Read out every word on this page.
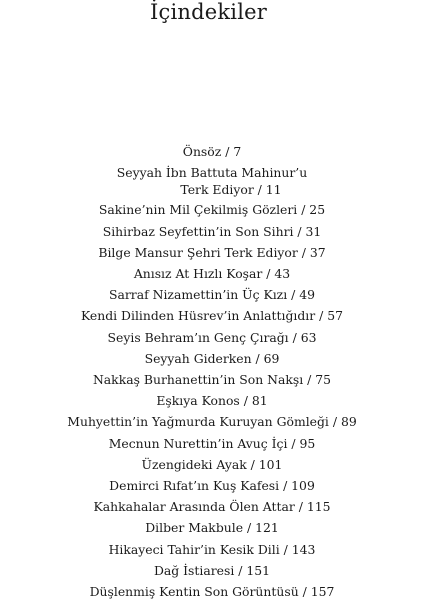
İçindekiler
Önsöz / 7
Seyyah İbn Battuta Mahinur’u
Terk Ediyor / 11
Sakine’nin Mil Çekilmiş Gözleri / 25
Sihirbaz Seyfettin’in Son Sihri / 31
Bilge Mansur Şehri Terk Ediyor / 37
Anısız At Hızlı Koşar / 43
Sarraf Nizamettin’in Üç Kızı / 49
Kendi Dilinden Hüsrev’in Anlattığıdır / 57
Seyis Behram’ın Genç Çırağı / 63
Seyyah Giderken / 69
Nakkaş Burhanettin’in Son Nakşı / 75
Eşkıya Konos / 81
Muhyettin’in Yağmurda Kuruyan Gömleği / 89
Mecnun Nurettin’in Avuç İçi / 95
Üzengideki Ayak / 101
Demirci Rıfat’ın Kuş Kafesi / 109
Kahkahalar Arasında Ölen Attar / 115
Dilber Makbule / 121
Hikayeci Tahir’in Kesik Dili / 143
Dağ İstiaresi / 151
Düşlenmiş Kentin Son Görüntüsü / 157
